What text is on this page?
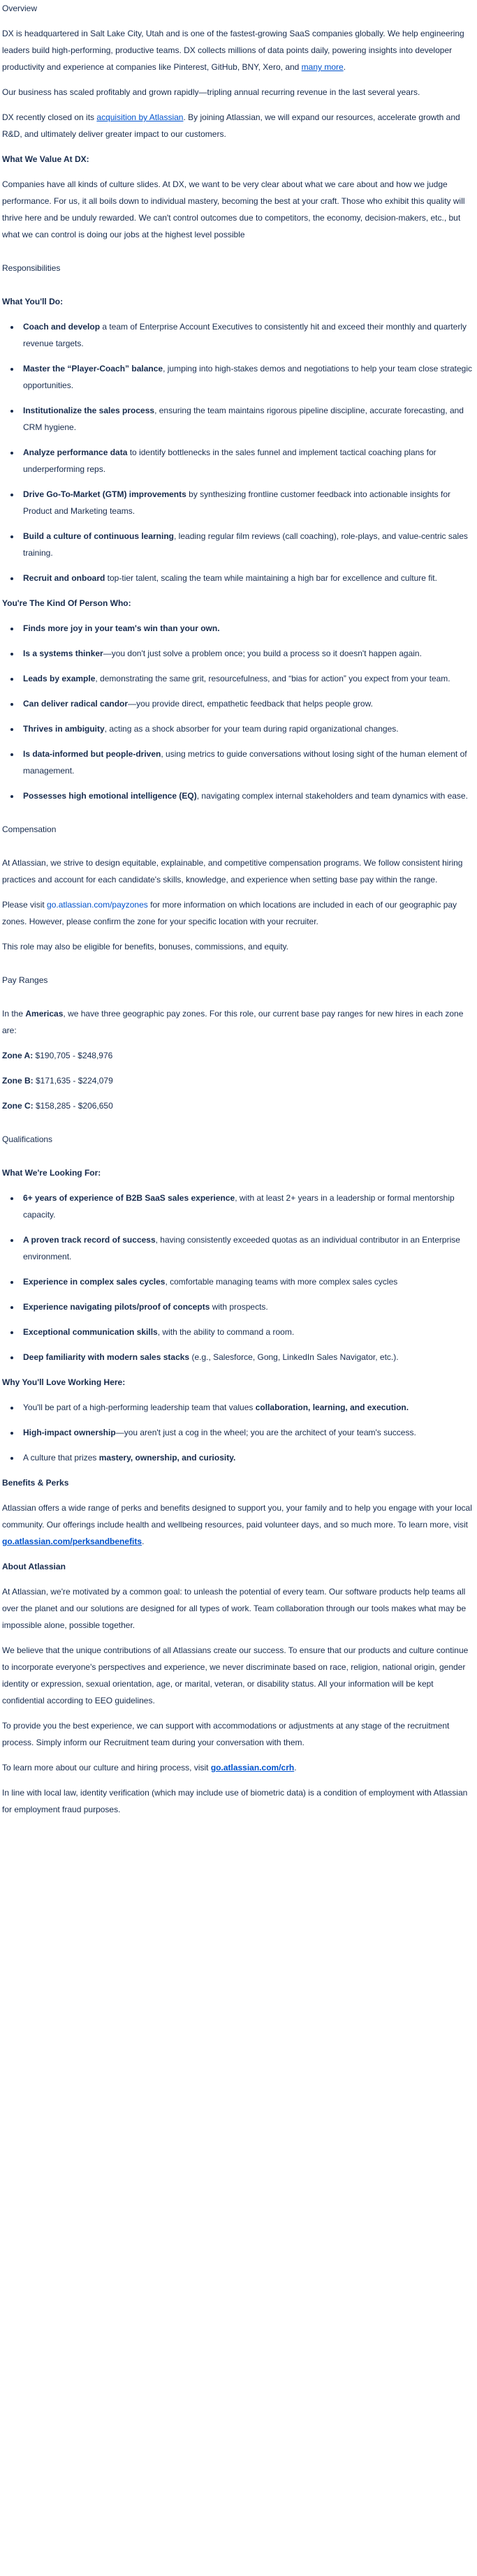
Overview

DX is headquartered in Salt Lake City, Utah and is one of the fastest-growing SaaS companies globally. We help engineering leaders build high-performing, productive teams. DX collects millions of data points daily, powering insights into developer productivity and experience at companies like Pinterest, GitHub, BNY, Xero, and many more.

Our business has scaled profitably and grown rapidly—tripling annual recurring revenue in the last several years.

DX recently closed on its acquisition by Atlassian. By joining Atlassian, we will expand our resources, accelerate growth and R&D, and ultimately deliver greater impact to our customers.

What We Value At DX:

Companies have all kinds of culture slides. At DX, we want to be very clear about what we care about and how we judge performance. For us, it all boils down to individual mastery, becoming the best at your craft. Those who exhibit this quality will thrive here and be unduly rewarded. We can't control outcomes due to competitors, the economy, decision-makers, etc., but what we can control is doing our jobs at the highest level possible

Responsibilities
What You'll Do:
• Coach and develop a team of Enterprise Account Executives to consistently hit and exceed their monthly and quarterly revenue targets.
• Master the “Player-Coach” balance, jumping into high-stakes demos and negotiations to help your team close strategic opportunities.
• Institutionalize the sales process, ensuring the team maintains rigorous pipeline discipline, accurate forecasting, and CRM hygiene.
• Analyze performance data to identify bottlenecks in the sales funnel and implement tactical coaching plans for underperforming reps.
• Drive Go-To-Market (GTM) improvements by synthesizing frontline customer feedback into actionable insights for Product and Marketing teams.
• Build a culture of continuous learning, leading regular film reviews (call coaching), role-plays, and value-centric sales training.
• Recruit and onboard top-tier talent, scaling the team while maintaining a high bar for excellence and culture fit.
You're The Kind Of Person Who:
• Finds more joy in your team's win than your own.
• Is a systems thinker—you don't just solve a problem once; you build a process so it doesn't happen again.
• Leads by example, demonstrating the same grit, resourcefulness, and “bias for action” you expect from your team.
• Can deliver radical candor—you provide direct, empathetic feedback that helps people grow.
• Thrives in ambiguity, acting as a shock absorber for your team during rapid organizational changes.
• Is data-informed but people-driven, using metrics to guide conversations without losing sight of the human element of management.
• Possesses high emotional intelligence (EQ), navigating complex internal stakeholders and team dynamics with ease.
Compensation

At Atlassian, we strive to design equitable, explainable, and competitive compensation programs. We follow consistent hiring practices and account for each candidate's skills, knowledge, and experience when setting base pay within the range.

Please visit go.atlassian.com/payzones for more information on which locations are included in each of our geographic pay zones. However, please confirm the zone for your specific location with your recruiter.

This role may also be eligible for benefits, bonuses, commissions, and equity.

Pay Ranges

In the Americas, we have three geographic pay zones. For this role, our current base pay ranges for new hires in each zone are:

Zone A: $190,705 - $248,976

Zone B: $171,635 - $224,079

Zone C: $158,285 - $206,650

Qualifications
What We're Looking For:
• 6+ years of experience of B2B SaaS sales experience, with at least 2+ years in a leadership or formal mentorship capacity.
• A proven track record of success, having consistently exceeded quotas as an individual contributor in an Enterprise environment.
• Experience in complex sales cycles, comfortable managing teams with more complex sales cycles
• Experience navigating pilots/proof of concepts with prospects.
• Exceptional communication skills, with the ability to command a room.
• Deep familiarity with modern sales stacks (e.g., Salesforce, Gong, LinkedIn Sales Navigator, etc.).
Why You'll Love Working Here:
• You'll be part of a high-performing leadership team that values collaboration, learning, and execution.
• High-impact ownership—you aren't just a cog in the wheel; you are the architect of your team's success.
• A culture that prizes mastery, ownership, and curiosity.
Benefits & Perks

Atlassian offers a wide range of perks and benefits designed to support you, your family and to help you engage with your local community. Our offerings include health and wellbeing resources, paid volunteer days, and so much more. To learn more, visit go.atlassian.com/perksandbenefits.

About Atlassian

At Atlassian, we're motivated by a common goal: to unleash the potential of every team. Our software products help teams all over the planet and our solutions are designed for all types of work. Team collaboration through our tools makes what may be impossible alone, possible together.

We believe that the unique contributions of all Atlassians create our success. To ensure that our products and culture continue to incorporate everyone's perspectives and experience, we never discriminate based on race, religion, national origin, gender identity or expression, sexual orientation, age, or marital, veteran, or disability status. All your information will be kept confidential according to EEO guidelines.

To provide you the best experience, we can support with accommodations or adjustments at any stage of the recruitment process. Simply inform our Recruitment team during your conversation with them.

To learn more about our culture and hiring process, visit go.atlassian.com/crh.

In line with local law, identity verification (which may include use of biometric data) is a condition of employment with Atlassian for employment fraud purposes.
